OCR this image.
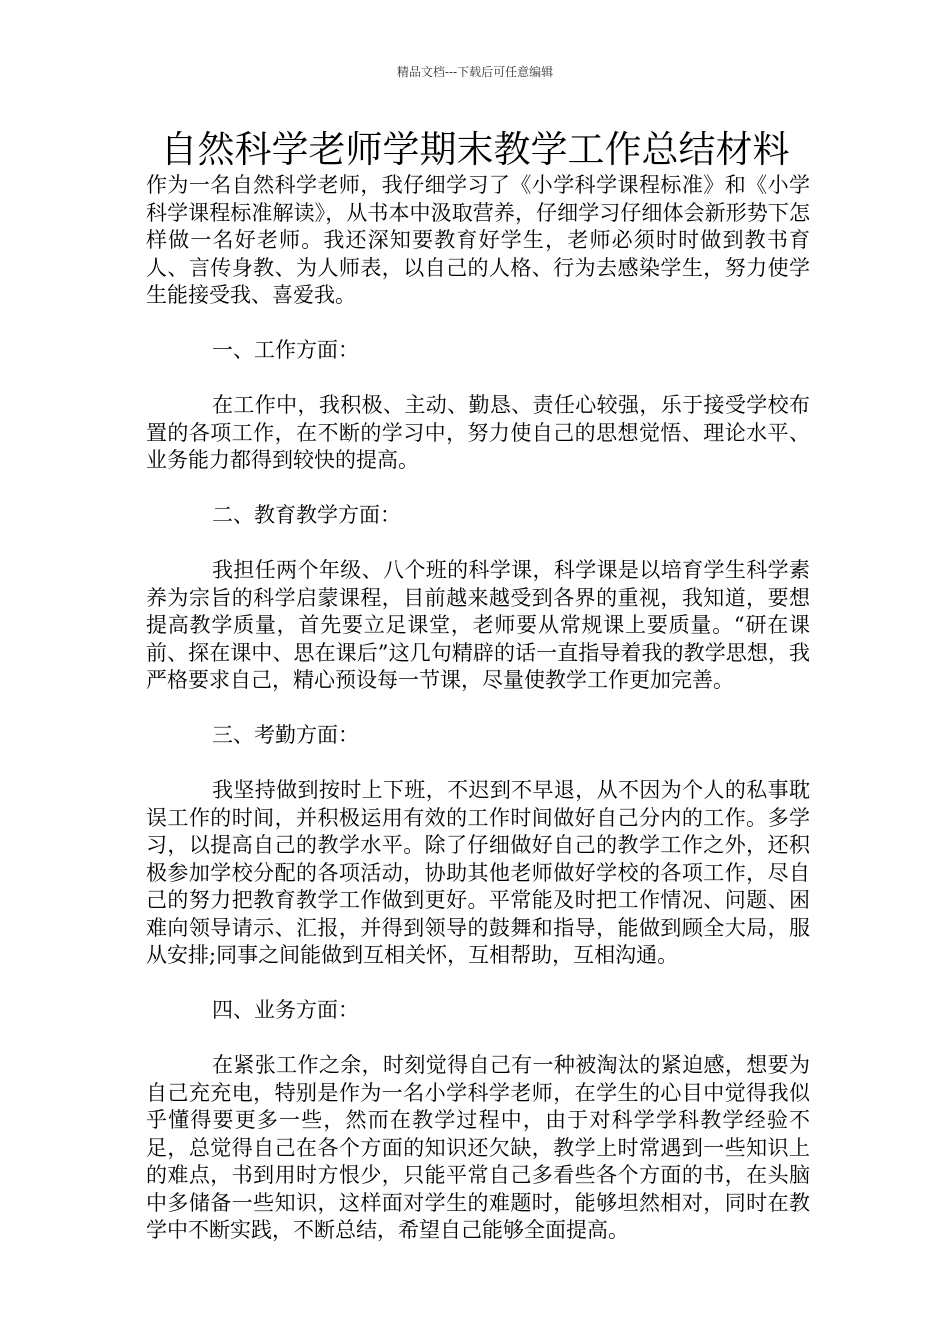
精品文档---下载后可任意编辑
自然科学老师学期末教学工作总结材料

作为一名自然科学老师，我仔细学习了《小学科学课程标准》和《小学科学课程标准解读》，从书本中汲取营养，仔细学习仔细体会新形势下怎样做一名好老师。我还深知要教育好学生，老师必须时时做到教书育人、言传身教、为人师表，以自己的人格、行为去感染学生，努力使学生能接受我、喜爱我。

一、工作方面：

在工作中，我积极、主动、勤恳、责任心较强，乐于接受学校布置的各项工作，在不断的学习中，努力使自己的思想觉悟、理论水平、业务能力都得到较快的提高。

二、教育教学方面：

我担任两个年级、八个班的科学课，科学课是以培育学生科学素养为宗旨的科学启蒙课程，目前越来越受到各界的重视，我知道，要想提高教学质量，首先要立足课堂，老师要从常规课上要质量。“研在课前、探在课中、思在课后”这几句精辟的话一直指导着我的教学思想，我严格要求自己，精心预设每一节课，尽量使教学工作更加完善。

三、考勤方面：

我坚持做到按时上下班，不迟到不早退，从不因为个人的私事耽误工作的时间，并积极运用有效的工作时间做好自己分内的工作。多学习，以提高自己的教学水平。除了仔细做好自己的教学工作之外，还积极参加学校分配的各项活动，协助其他老师做好学校的各项工作，尽自己的努力把教育教学工作做到更好。平常能及时把工作情况、问题、困难向领导请示、汇报，并得到领导的鼓舞和指导，能做到顾全大局，服从安排;同事之间能做到互相关怀，互相帮助，互相沟通。

四、业务方面：

在紧张工作之余，时刻觉得自己有一种被淘汰的紧迫感，想要为自己充充电，特别是作为一名小学科学老师，在学生的心目中觉得我似乎懂得要更多一些，然而在教学过程中，由于对科学学科教学经验不足，总觉得自己在各个方面的知识还欠缺，教学上时常遇到一些知识上的难点，书到用时方恨少，只能平常自己多看些各个方面的书，在头脑中多储备一些知识，这样面对学生的难题时，能够坦然相对，同时在教学中不断实践，不断总结，希望自己能够全面提高。
